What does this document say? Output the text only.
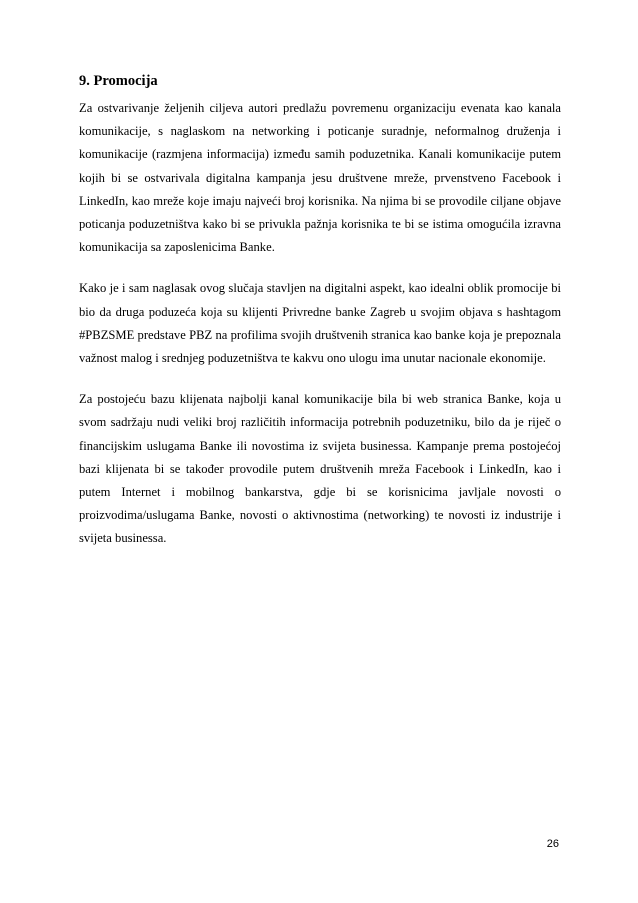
9. Promocija

Za ostvarivanje željenih ciljeva autori predlažu povremenu organizaciju evenata kao kanala komunikacije, s naglaskom na networking i poticanje suradnje, neformalnog druženja i komunikacije (razmjena informacija) između samih poduzetnika. Kanali komunikacije putem kojih bi se ostvarivala digitalna kampanja jesu društvene mreže, prvenstveno Facebook i LinkedIn, kao mreže koje imaju najveći broj korisnika. Na njima bi se provodile ciljane objave poticanja poduzetništva kako bi se privukla pažnja korisnika te bi se istima omogućila izravna komunikacija sa zaposlenicima Banke.

Kako je i sam naglasak ovog slučaja stavljen na digitalni aspekt, kao idealni oblik promocije bi bio da druga poduzeća koja su klijenti Privredne banke Zagreb u svojim objava s hashtagom #PBZSME predstave PBZ na profilima svojih društvenih stranica kao banke koja je prepoznala važnost malog i srednjeg poduzetništva te kakvu ono ulogu ima unutar nacionale ekonomije.

Za postojeću bazu klijenata najbolji kanal komunikacije bila bi web stranica Banke, koja u svom sadržaju nudi veliki broj različitih informacija potrebnih poduzetniku, bilo da je riječ o financijskim uslugama Banke ili novostima iz svijeta businessa. Kampanje prema postojećoj bazi klijenata bi se također provodile putem društvenih mreža Facebook i LinkedIn, kao i putem Internet i mobilnog bankarstva, gdje bi se korisnicima javljale novosti o proizvodima/uslugama Banke, novosti o aktivnostima (networking) te novosti iz industrije i svijeta businessa.

26
